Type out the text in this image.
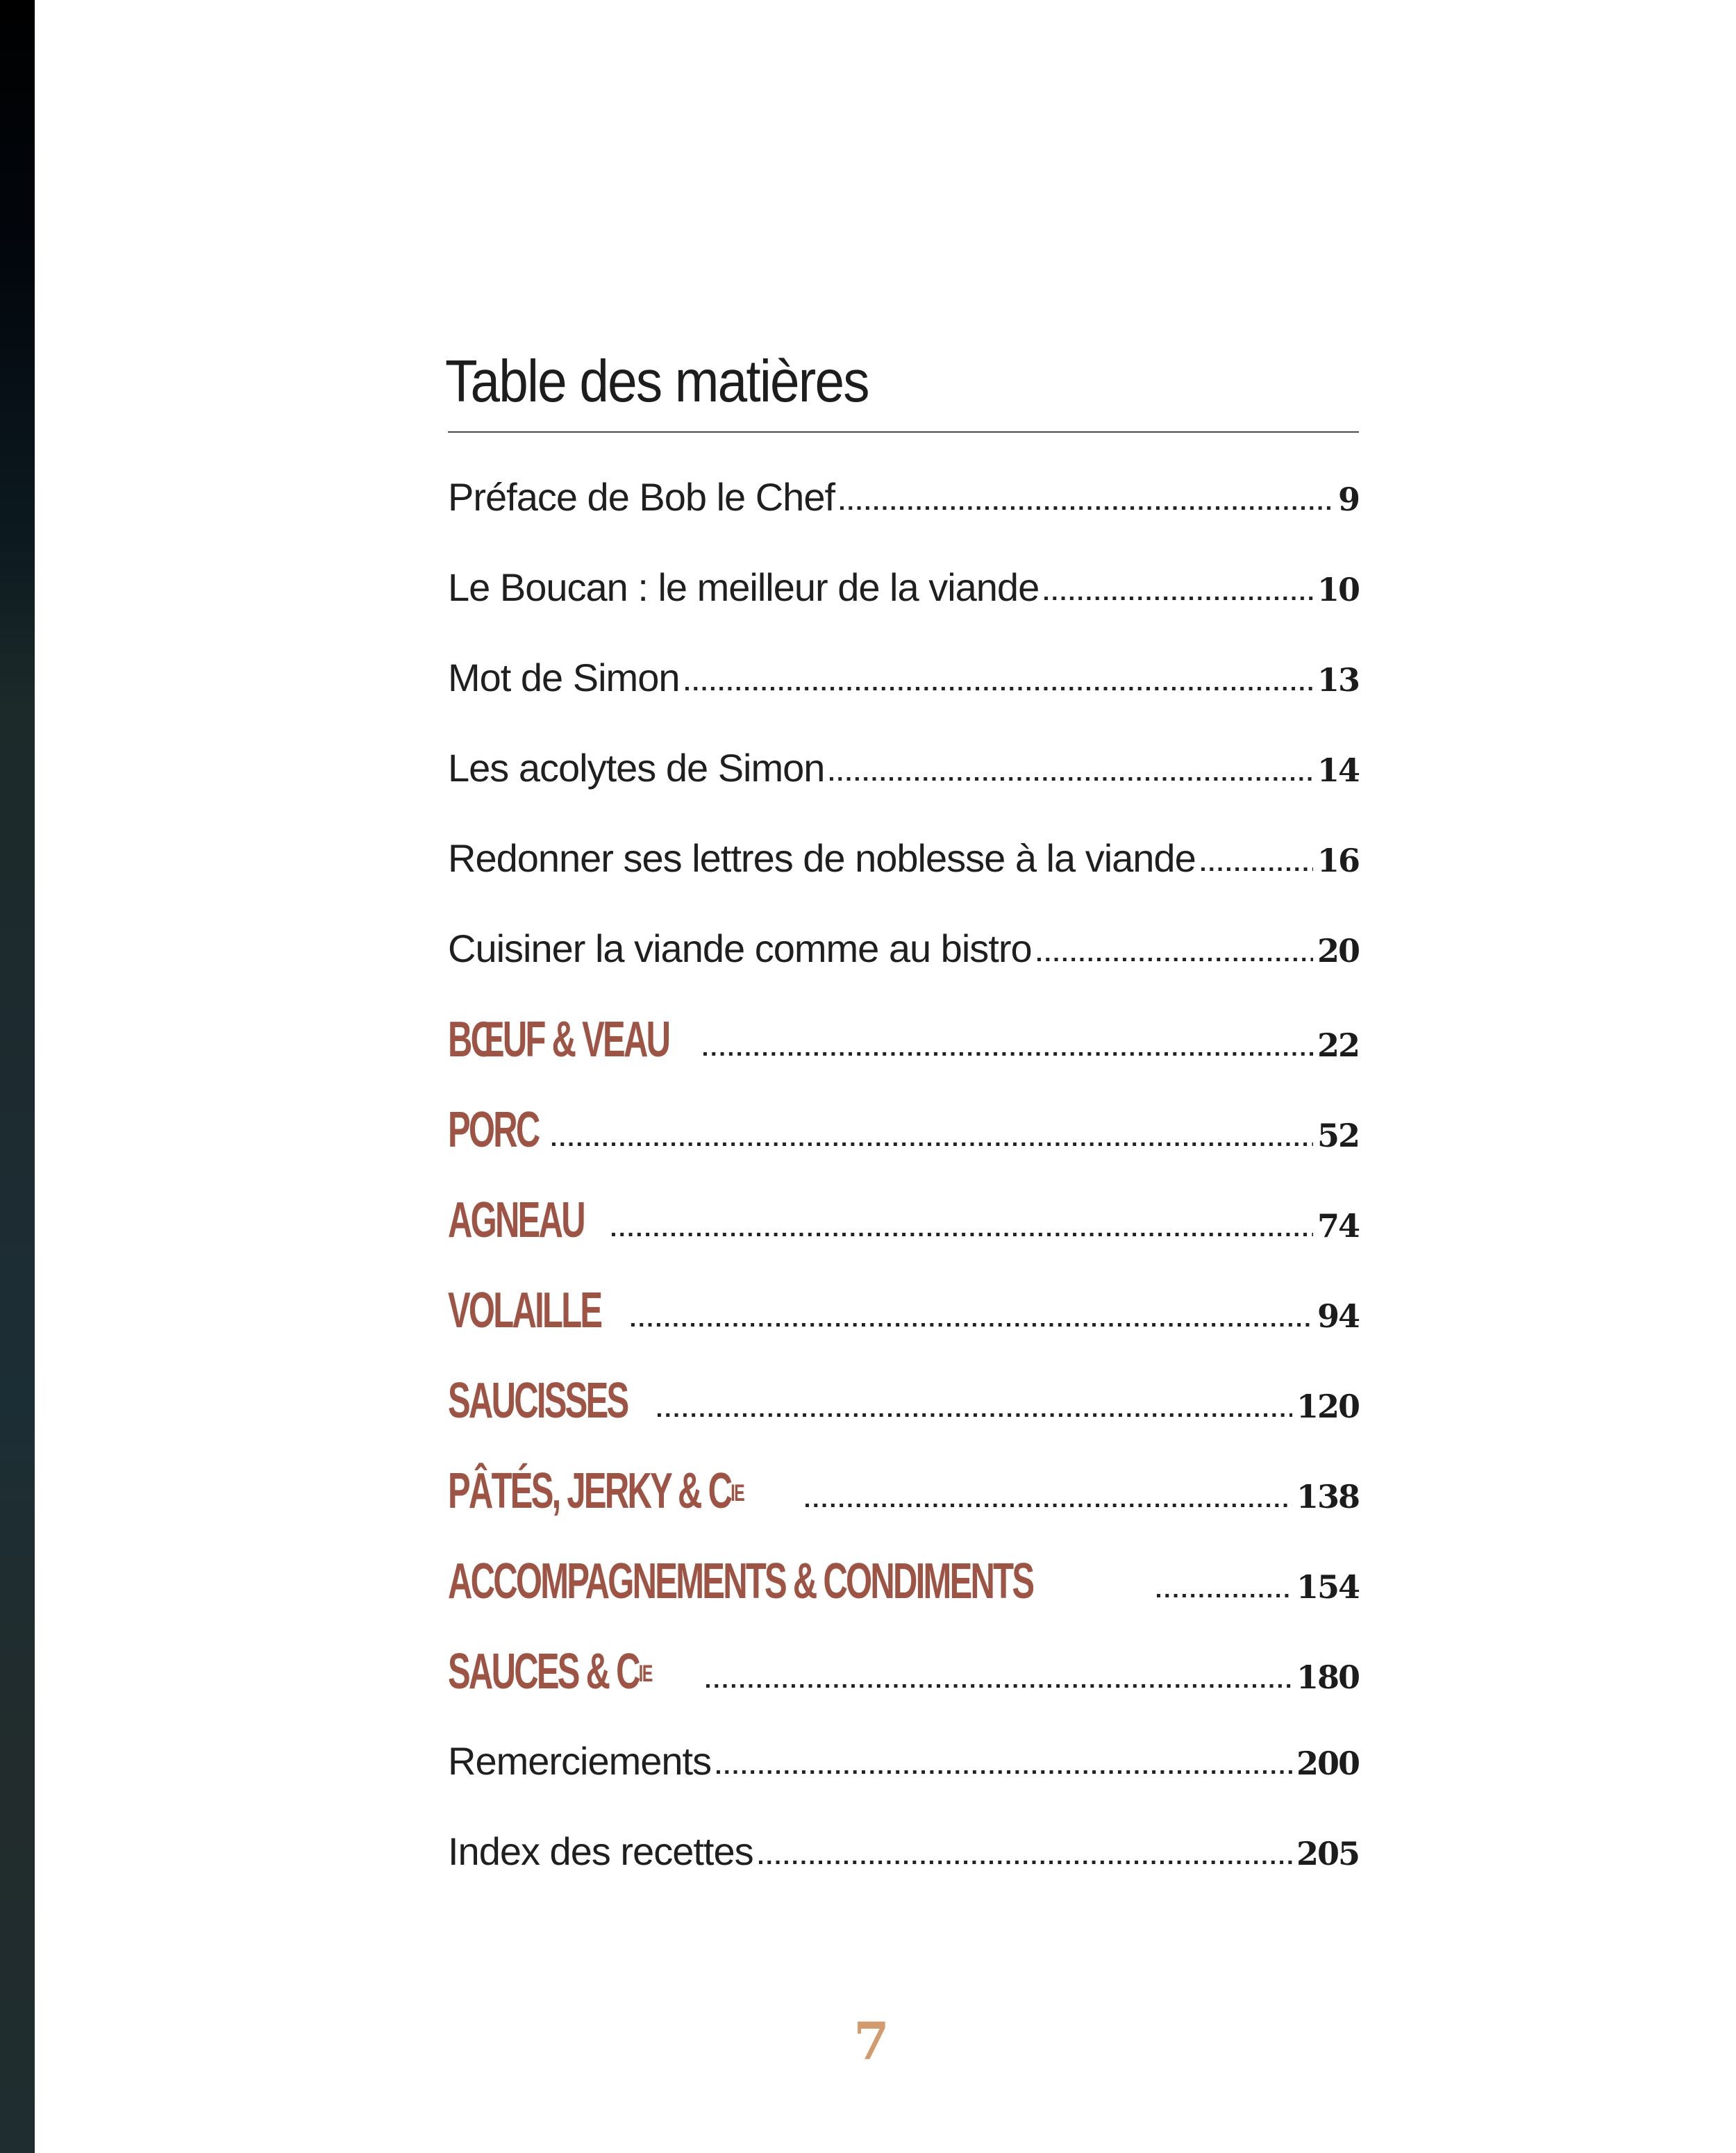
Table des matières
Préface de Bob le Chef	9
Le Boucan : le meilleur de la viande	10
Mot de Simon	13
Les acolytes de Simon	14
Redonner ses lettres de noblesse à la viande	16
Cuisiner la viande comme au bistro	20
BŒUF & VEAU	22
PORC	52
AGNEAU	74
VOLAILLE	94
SAUCISSES	120
PÂTÉS, JERKY & $C^{IE}$	138
ACCOMPAGNEMENTS & CONDIMENTS	154
SAUCES & $C^{IE}$	180
Remerciements	200
Index des recettes	205
7
